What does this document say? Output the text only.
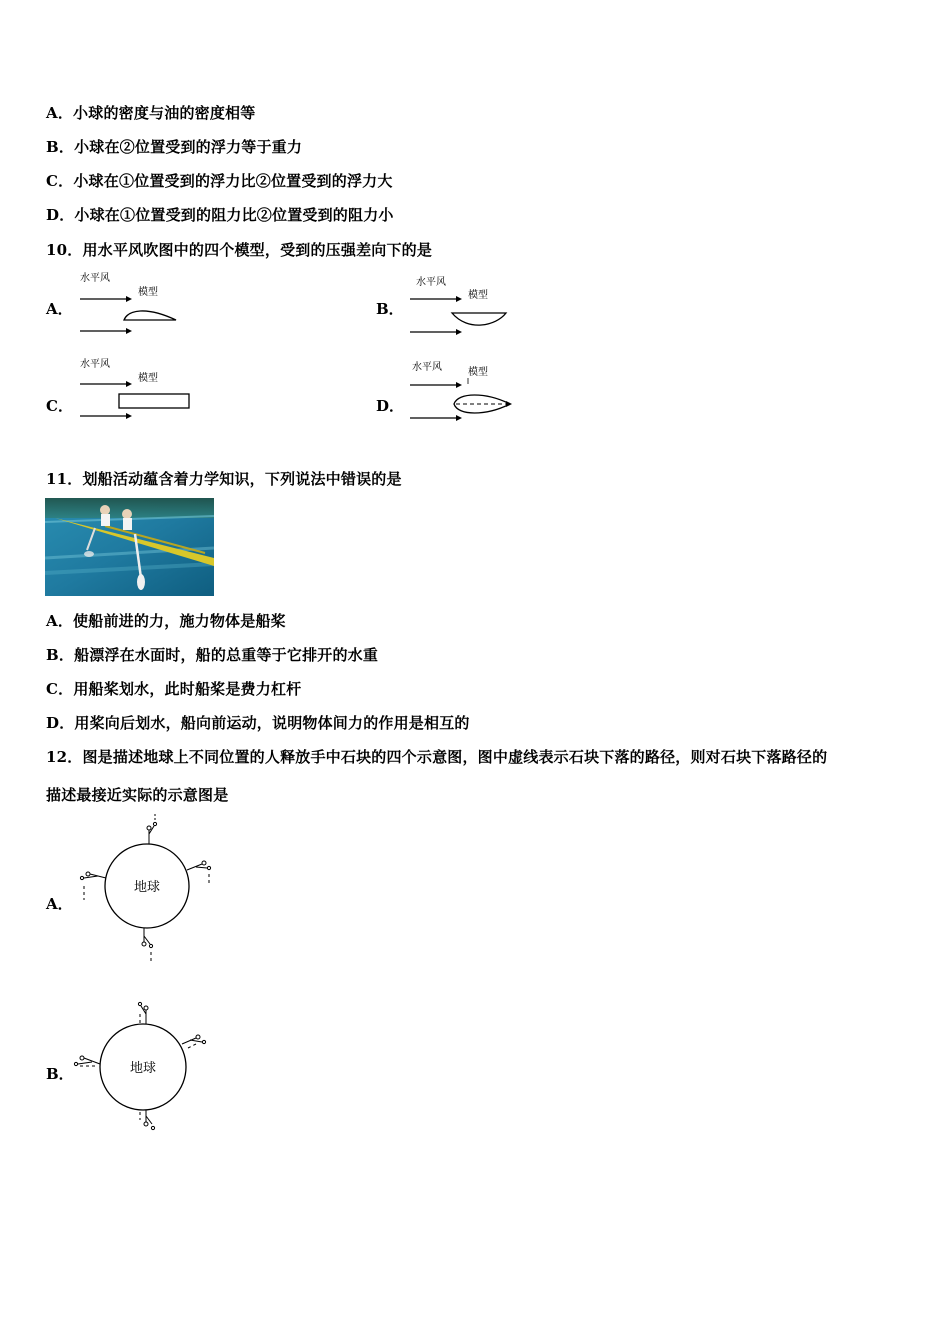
A．小球的密度与油的密度相等
B．小球在②位置受到的浮力等于重力
C．小球在①位置受到的浮力比②位置受到的浮力大
D．小球在①位置受到的阻力比②位置受到的阻力小
10．用水平风吹图中的四个模型，受到的压强差向下的是
A．
水平风
模型
B．
水平风
模型
C．
水平风
模型
D．
水平风	模型
11．划船活动蕴含着力学知识，下列说法中错误的是
A．使船前进的力，施力物体是船桨
B．船漂浮在水面时，船的总重等于它排开的水重
C．用船桨划水，此时船桨是费力杠杆
D．用桨向后划水，船向前运动，说明物体间力的作用是相互的
12．图是描述地球上不同位置的人释放手中石块的四个示意图，图中虚线表示石块下落的路径，则对石块下落路径的
描述最接近实际的示意图是
A．
地球
B．	地球
